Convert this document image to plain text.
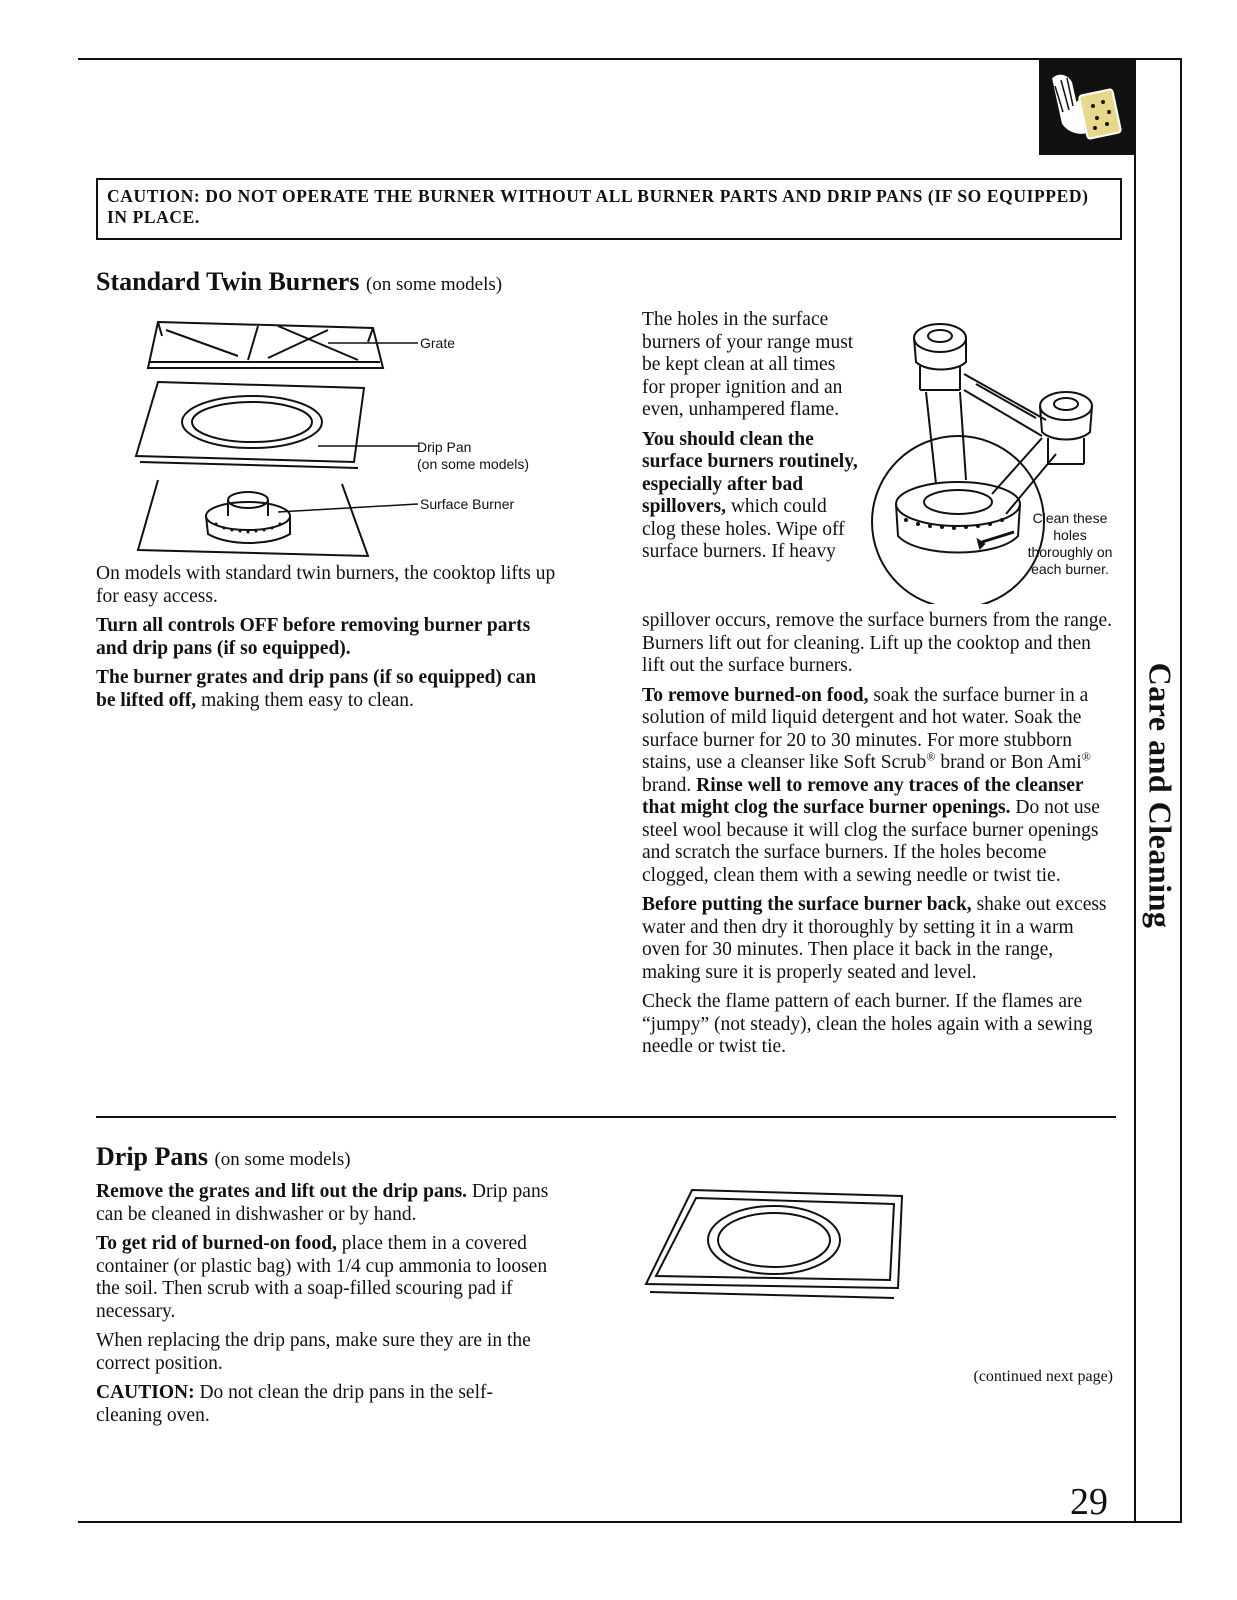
Care and Cleaning
CAUTION: DO NOT OPERATE THE BURNER WITHOUT ALL BURNER PARTS AND DRIP PANS (IF SO EQUIPPED) IN PLACE.
Standard Twin Burners (on some models)
Grate
Drip Pan
(on some models)
Surface Burner

On models with standard twin burners, the cooktop lifts up for easy access.

Turn all controls OFF before removing burner parts and drip pans (if so equipped).

The burner grates and drip pans (if so equipped) can be lifted off, making them easy to clean.

The holes in the surface burners of your range must be kept clean at all times for proper ignition and an even, unhampered flame.

You should clean the surface burners routinely, especially after bad spillovers, which could clog these holes. Wipe off surface burners. If heavy

Clean these holes thoroughly on each burner.

spillover occurs, remove the surface burners from the range. Burners lift out for cleaning. Lift up the cooktop and then lift out the surface burners.

To remove burned-on food, soak the surface burner in a solution of mild liquid detergent and hot water. Soak the surface burner for 20 to 30 minutes. For more stubborn stains, use a cleanser like Soft Scrub® brand or Bon Ami® brand. Rinse well to remove any traces of the cleanser that might clog the surface burner openings. Do not use steel wool because it will clog the surface burner openings and scratch the surface burners. If the holes become clogged, clean them with a sewing needle or twist tie.

Before putting the surface burner back, shake out excess water and then dry it thoroughly by setting it in a warm oven for 30 minutes. Then place it back in the range, making sure it is properly seated and level.

Check the flame pattern of each burner. If the flames are “jumpy” (not steady), clean the holes again with a sewing needle or twist tie.

Drip Pans (on some models)

Remove the grates and lift out the drip pans. Drip pans can be cleaned in dishwasher or by hand.

To get rid of burned-on food, place them in a covered container (or plastic bag) with 1/4 cup ammonia to loosen the soil. Then scrub with a soap-filled scouring pad if necessary.

When replacing the drip pans, make sure they are in the correct position.

CAUTION: Do not clean the drip pans in the self-cleaning oven.

(continued next page)
29
